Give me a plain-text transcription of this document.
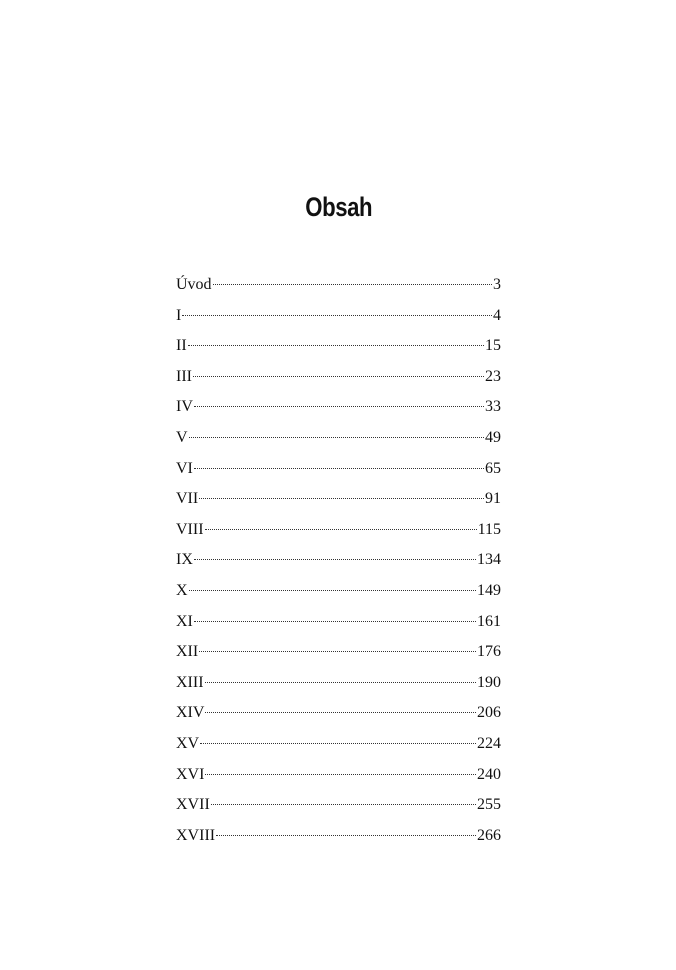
Obsah
Úvod	3
I	4
II	15
III	23
IV	33
V	49
VI	65
VII	91
VIII	115
IX	134
X	149
XI	161
XII	176
XIII	190
XIV	206
XV	224
XVI	240
XVII	255
XVIII	266
